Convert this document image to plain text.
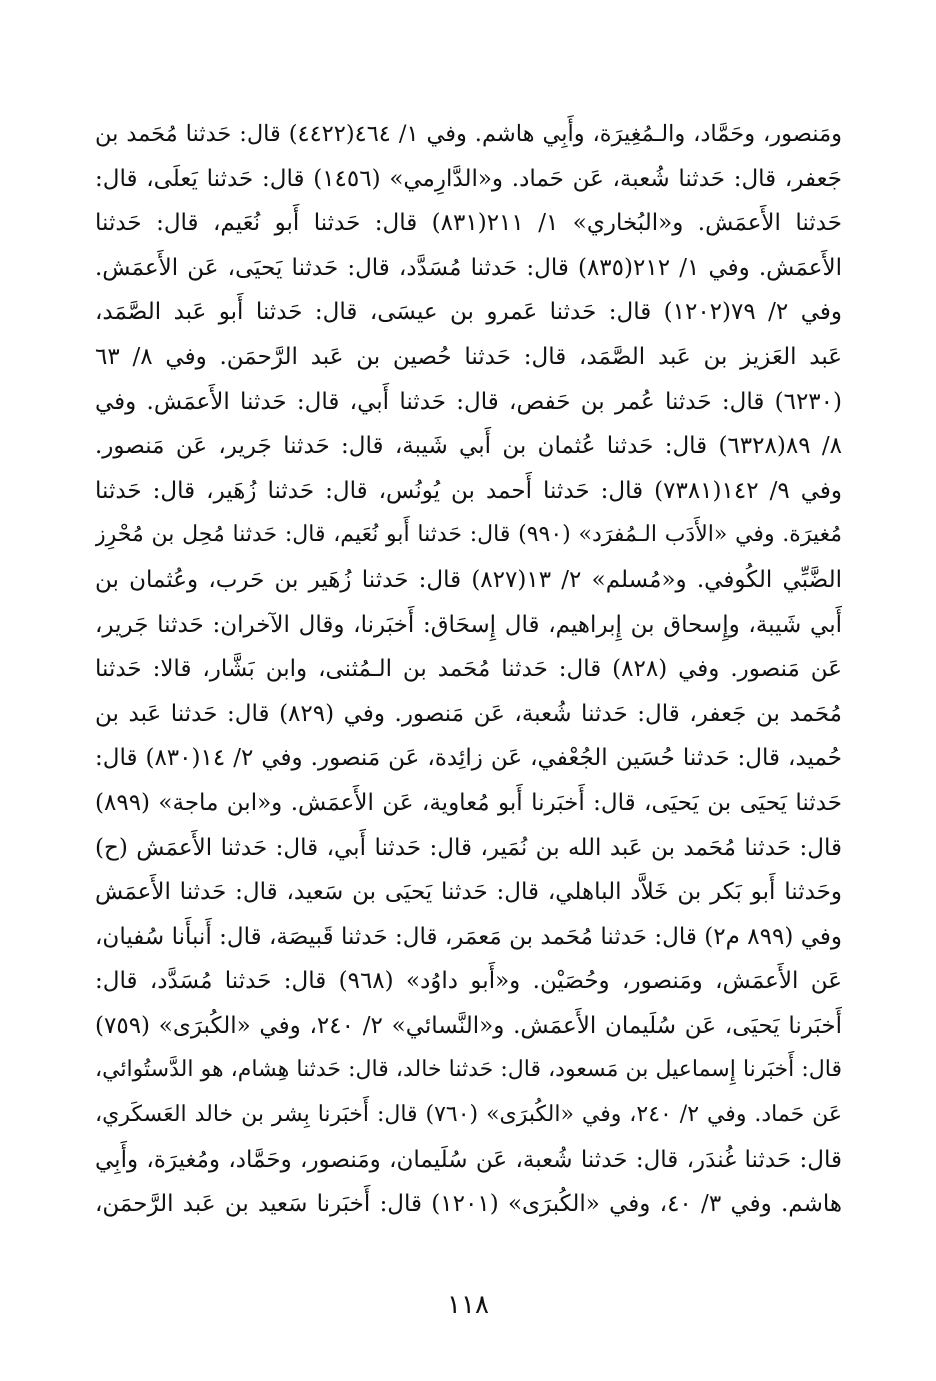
ومَنصور، وحَمَّاد، والـمُغِيرَة، وأَبِي هاشم. وفي ١/ ٤٦٤(٤٤٢٢) قال: حَدثنا مُحَمد بن
جَعفر، قال: حَدثنا شُعبة، عَن حَماد. و«الدَّارِمي» (١٤٥٦) قال: حَدثنا يَعلَى، قال:
حَدثنا الأَعمَش. و«البُخاري» ١/ ٢١١(٨٣١) قال: حَدثنا أَبو نُعَيم، قال: حَدثنا
الأَعمَش. وفي ١/ ٢١٢(٨٣٥) قال: حَدثنا مُسَدَّد، قال: حَدثنا يَحيَى، عَن الأَعمَش.
وفي ٢/ ٧٩(١٢٠٢) قال: حَدثنا عَمرو بن عيسَى، قال: حَدثنا أَبو عَبد الصَّمَد،
عَبد العَزيز بن عَبد الصَّمَد، قال: حَدثنا حُصين بن عَبد الرَّحمَن. وفي ٨/ ٦٣
(٦٢٣٠) قال: حَدثنا عُمر بن حَفص، قال: حَدثنا أَبي، قال: حَدثنا الأَعمَش. وفي
٨/ ٨٩(٦٣٢٨) قال: حَدثنا عُثمان بن أَبي شَيبة، قال: حَدثنا جَرير، عَن مَنصور.
وفي ٩/ ١٤٢(٧٣٨١) قال: حَدثنا أَحمد بن يُونُس، قال: حَدثنا زُهَير، قال: حَدثنا
مُغيرَة. وفي «الأَدَب الـمُفرَد» (٩٩٠) قال: حَدثنا أَبو نُعَيم، قال: حَدثنا مُحِل بن مُحْرِز
الضَّبِّي الكُوفي. و«مُسلم» ٢/ ١٣(٨٢٧) قال: حَدثنا زُهَير بن حَرب، وعُثمان بن
أَبي شَيبة، وإِسحاق بن إِبراهيم، قال إِسحَاق: أَخبَرنا، وقال الآخران: حَدثنا جَرير،
عَن مَنصور. وفي (٨٢٨) قال: حَدثنا مُحَمد بن الـمُثنى، وابن بَشَّار، قالا: حَدثنا
مُحَمد بن جَعفر، قال: حَدثنا شُعبة، عَن مَنصور. وفي (٨٢٩) قال: حَدثنا عَبد بن
حُميد، قال: حَدثنا حُسَين الجُعْفي، عَن زائِدة، عَن مَنصور. وفي ٢/ ١٤(٨٣٠) قال:
حَدثنا يَحيَى بن يَحيَى، قال: أَخبَرنا أَبو مُعاوية، عَن الأَعمَش. و«ابن ماجة» (٨٩٩)
قال: حَدثنا مُحَمد بن عَبد الله بن نُمَير، قال: حَدثنا أَبي، قال: حَدثنا الأَعمَش (ح)
وحَدثنا أَبو بَكر بن خَلاَّد الباهلي، قال: حَدثنا يَحيَى بن سَعيد، قال: حَدثنا الأَعمَش
وفي (٨٩٩ م٢) قال: حَدثنا مُحَمد بن مَعمَر، قال: حَدثنا قَبيصَة، قال: أَنبأَنا سُفيان،
عَن الأَعمَش، ومَنصور، وحُصَيْن. و«أَبو داوُد» (٩٦٨) قال: حَدثنا مُسَدَّد، قال:
أَخبَرنا يَحيَى، عَن سُلَيمان الأَعمَش. و«النَّسائي» ٢/ ٢٤٠، وفي «الكُبرَى» (٧٥٩)
قال: أَخبَرنا إِسماعيل بن مَسعود، قال: حَدثنا خالد، قال: حَدثنا هِشام، هو الدَّستُوائي،
عَن حَماد. وفي ٢/ ٢٤٠، وفي «الكُبرَى» (٧٦٠) قال: أَخبَرنا بِشر بن خالد العَسكَري،
قال: حَدثنا غُندَر، قال: حَدثنا شُعبة، عَن سُلَيمان، ومَنصور، وحَمَّاد، ومُغيرَة، وأَبِي
هاشم. وفي ٣/ ٤٠، وفي «الكُبرَى» (١٢٠١) قال: أَخبَرنا سَعيد بن عَبد الرَّحمَن،
١١٨
